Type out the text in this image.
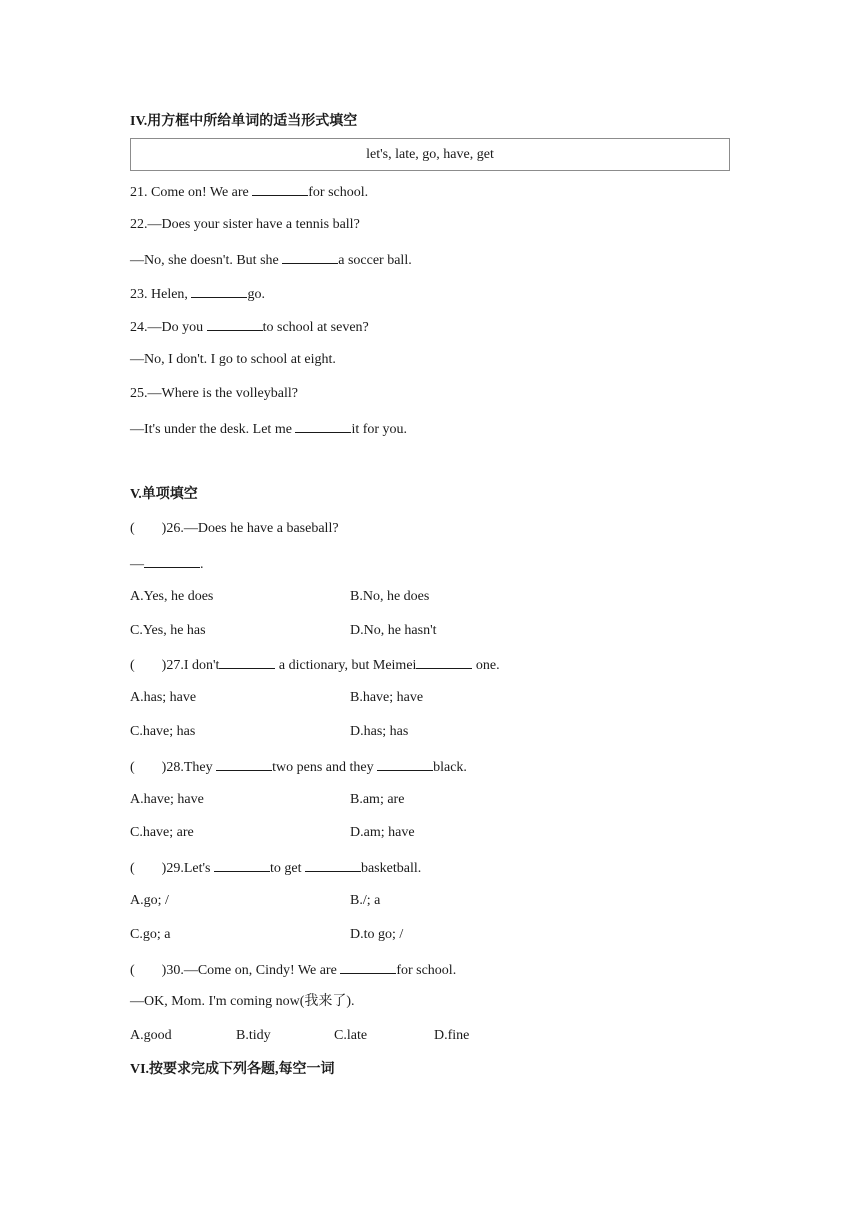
IV.用方框中所给单词的适当形式填空
let's, late, go, have, get
21. Come on! We are	for school.
22.—Does your sister have a tennis ball?
—No, she doesn't. But she	a soccer ball.
23. Helen,	go.
24.—Do you	to school at seven?
—No, I don't. I go to school at eight.
25.—Where is the volleyball?
—It's under the desk. Let me	it for you.
V.单项填空
( )26.—Does he have a baseball?
—	.
A.Yes, he does	B.No, he does
C.Yes, he has	D.No, he hasn't
( )27.I don't	a dictionary, but Meimei	one.
A.has; have	B.have; have
C.have; has	D.has; has
( )28.They	two pens and they	black.
A.have; have	B.am; are
C.have; are	D.am; have
( )29.Let's	to get	basketball.
A.go; /	B./; a
C.go; a	D.to go; /
( )30.—Come on, Cindy! We are	for school.
—OK, Mom. I'm coming now(我来了).
A.good	B.tidy	C.late	D.fine
VI.按要求完成下列各题,每空一词
